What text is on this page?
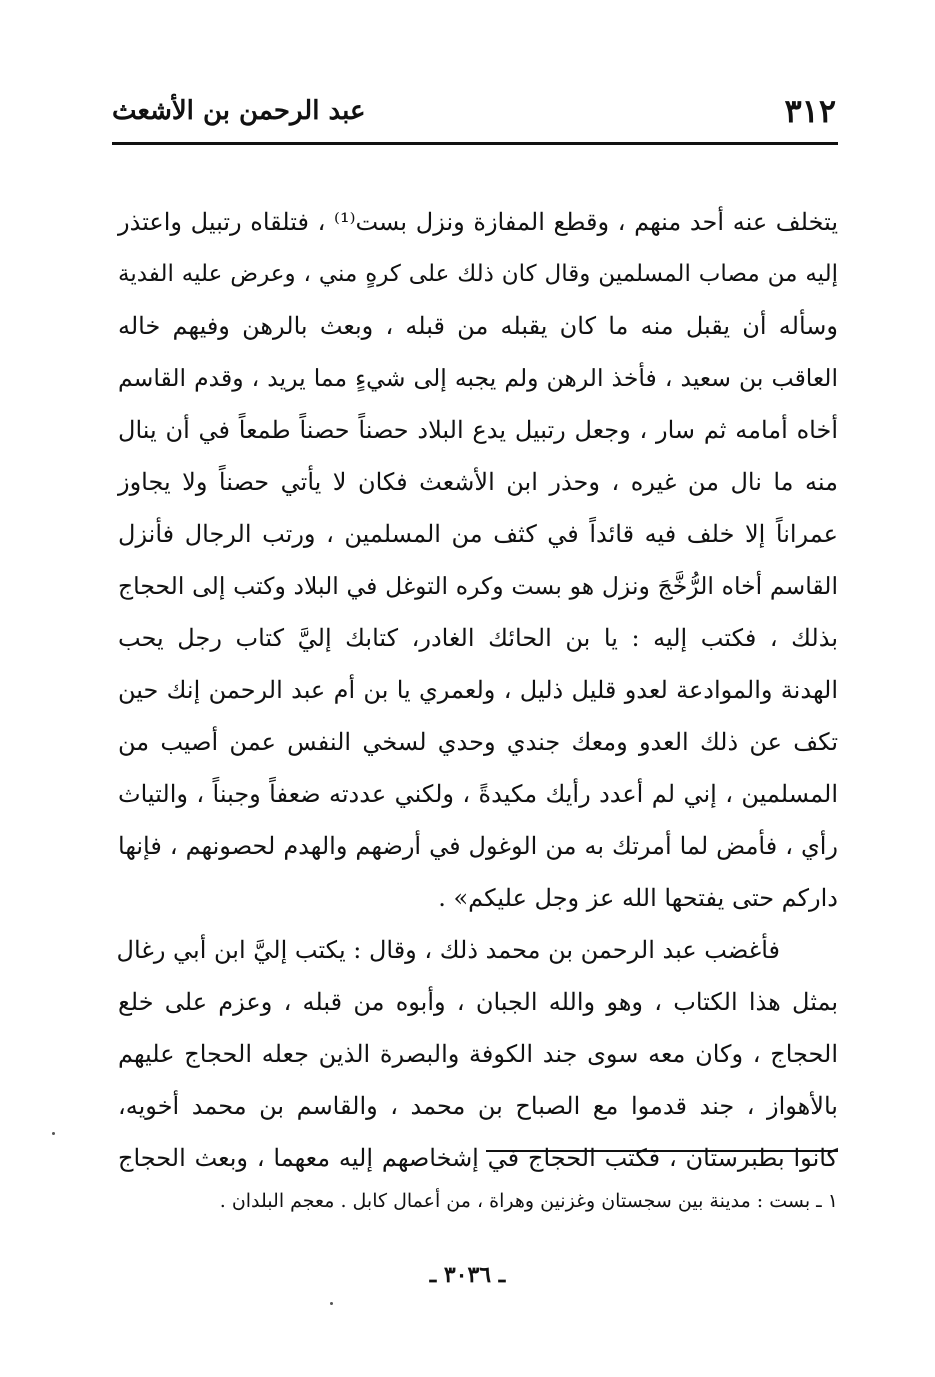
٣١٢
عبد الرحمن بن الأشعث
يتخلف عنه أحد منهم ، وقطع المفازة ونزل بست⁽¹⁾ ، فتلقاه رتبيل واعتذر
إليه من مصاب المسلمين وقال كان ذلك على كرهٍ مني ، وعرض عليه الفدية
وسأله أن يقبل منه ما كان يقبله من قبله ، وبعث بالرهن وفيهم خاله
العاقب بن سعيد ، فأخذ الرهن ولم يجبه إلى شيءٍ مما يريد ، وقدم القاسم
أخاه أمامه ثم سار ، وجعل رتبيل يدع البلاد حصناً حصناً طمعاً في أن ينال
منه ما نال من غيره ، وحذر ابن الأشعث فكان لا يأتي حصناً ولا يجاوز
عمراناً إلا خلف فيه قائداً في كثف من المسلمين ، ورتب الرجال فأنزل
القاسم أخاه الرُّخَّجَ ونزل هو بست وكره التوغل في البلاد وكتب إلى الحجاج
بذلك ، فكتب إليه : يا بن الحائك الغادر، كتابك إليَّ كتاب رجل يحب
الهدنة والموادعة لعدو قليل ذليل ، ولعمري يا بن أم عبد الرحمن إنك حين
تكف عن ذلك العدو ومعك جندي وحدي لسخي النفس عمن أصيب من
المسلمين ، إني لم أعدد رأيك مكيدةً ، ولكني عددته ضعفاً وجبناً ، والتياث
رأي ، فأمض لما أمرتك به من الوغول في أرضهم والهدم لحصونهم ، فإنها
داركم حتى يفتحها الله عز وجل عليكم» .
فأغضب عبد الرحمن بن محمد ذلك ، وقال : يكتب إليَّ ابن أبي رغال
بمثل هذا الكتاب ، وهو والله الجبان ، وأبوه من قبله ، وعزم على خلع
الحجاج ، وكان معه سوى جند الكوفة والبصرة الذين جعله الحجاج عليهم
بالأهواز ، جند قدموا مع الصباح بن محمد ، والقاسم بن محمد أخويه،
كانوا بطبرستان ، فكتب الحجاج في إشخاصهم إليه معهما ، وبعث الحجاج
١ ـ بست : مدينة بين سجستان وغزنين وهراة ، من أعمال كابل . معجم البلدان .
ـ ٣٠٣٦ ـ
